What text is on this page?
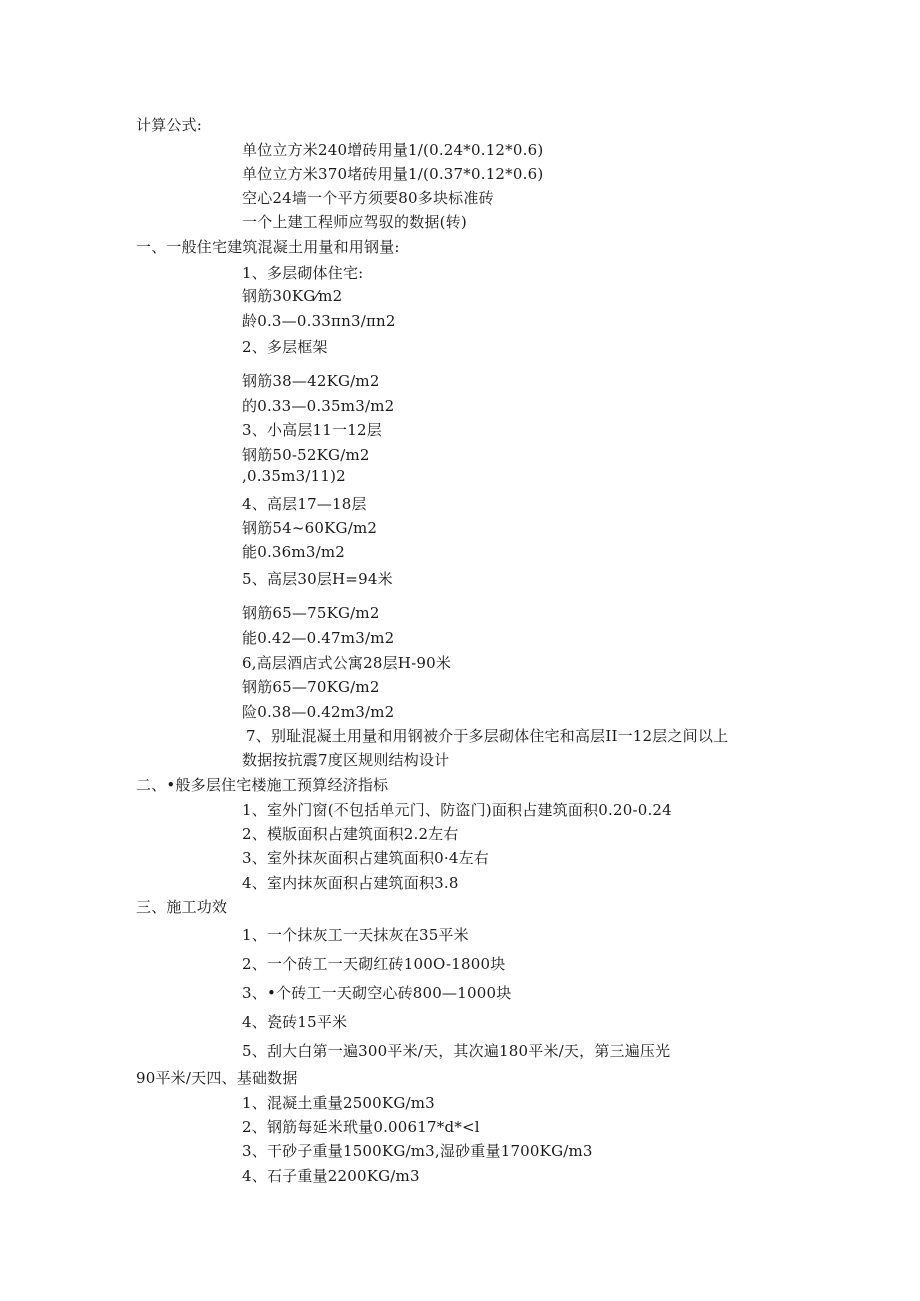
计算公式:
单位立方米240增砖用量1/(0.24*0.12*0.6)
单位立方米370堵砖用量1/(0.37*0.12*0.6)
空心24墙一个平方须要80多块标准砖
一个上建工程师应驾驭的数据(转)
一、一般住宅建筑混凝土用量和用钢量:
1、多层砌体住宅:
钢筋30KG⁄m2
龄0.3—0.33πn3∕πn2
2、多层框架
钢筋38—42KG∕m2
的0.33—0.35m3∕m2
3、小高层11一12层
钢筋50-52KG∕m2
,0.35m3∕11)2
4、高层17—18层
钢筋54~60KG∕m2
能0.36m3∕m2
5、高层30层H=94米
钢筋65—75KG∕m2
能0.42—0.47m3∕m2
6,高层酒店式公寓28层H-90米
钢筋65—70KG∕m2
险0.38—0.42m3∕m2
7、别耻混凝土用量和用钢被介于多层砌体住宅和高层II一12层之间以上
数据按抗震7度区规则结构设计
二、•般多层住宅楼施工预算经济指标
1、室外门窗(不包括单元门、防盗门)面积占建筑面积0.20-0.24
2、模版面积占建筑面积2.2左右
3、室外抹灰面积占建筑面积0·4左右
4、室内抹灰面积占建筑面积3.8
三、施工功效
1、一个抹灰工一天抹灰在35平米
2、一个砖工一天砌红砖100O-1800块
3、•个砖工一天砌空心砖800—1000块
4、瓷砖15平米
5、刮大白第一遍300平米/天，其次遍180平米/天，第三遍压光
90平米/天四、基础数据
1、混凝土重量2500KG∕m3
2、钢筋每延米玳量0.00617*d*<l
3、干砂子重量1500KG∕m3,湿砂重量1700KG∕m3
4、石子重量2200KG∕m3
